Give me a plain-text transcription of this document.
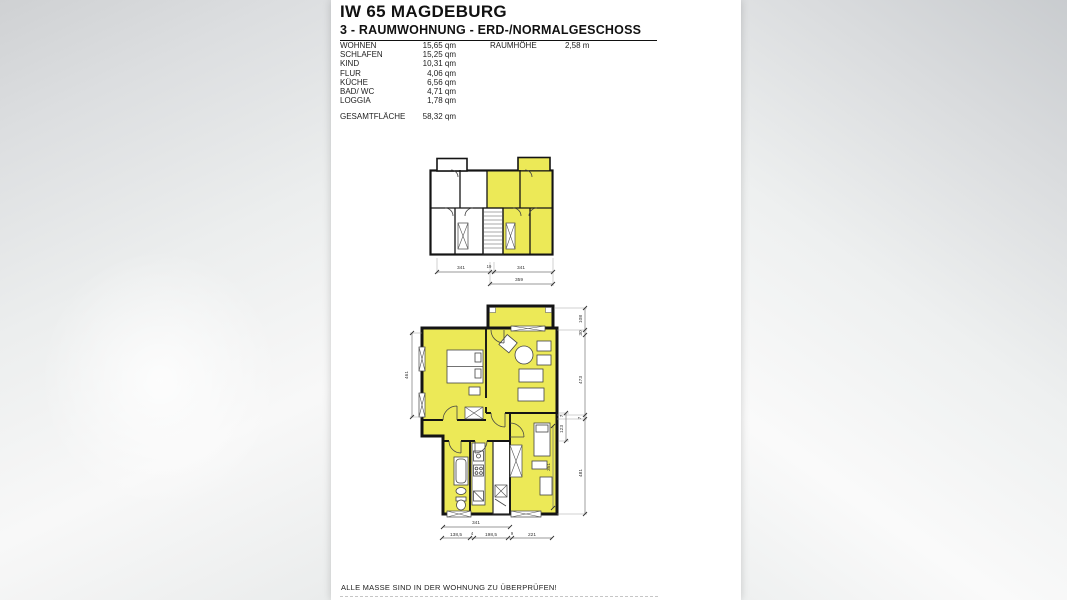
IW 65 MAGDEBURG
3 - RAUMWOHNUNG - ERD-/NORMALGESCHOSS
WOHNEN	15,65 qm
SCHLAFEN	15,25 qm
KIND	10,31 qm
FLUR	4,06 qm
KÜCHE	6,56 qm
BAD/ WC	4,71 qm
LOGGIA	1,78 qm
RAUMHÖHE	2,58 m
GESAMTFLÄCHE	58,32 qm
341	19	341
359
461
108
30
473
7
481
7
123
351
341
138,5 4 198,5	9	221
ALLE MASSE SIND IN DER WOHNUNG ZU ÜBERPRÜFEN!
